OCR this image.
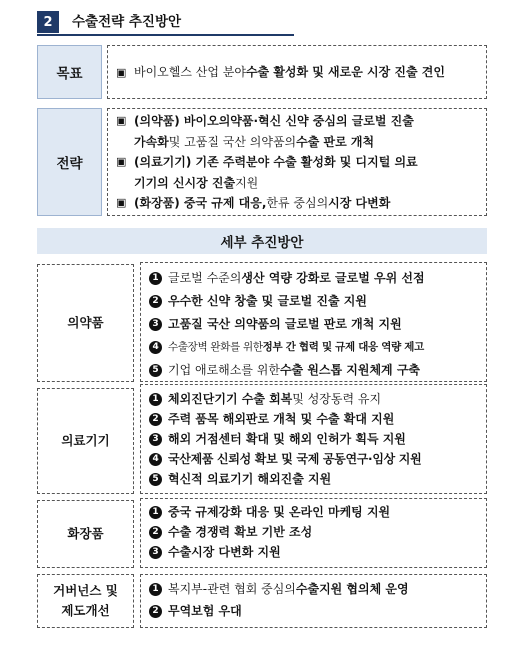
2	수출전략 추진방안
목표	▣ 바이오헬스 산업 분야 수출 활성화 및 새로운 시장 진출 견인
전략
▣ (의약품) 바이오의약품·혁신 신약 중심의 글로벌 진출
가속화 및 고품질 국산 의약품의 수출 판로 개척
▣ (의료기기) 기존 주력분야 수출 활성화 및 디지털 의료
기기의 신시장 진출 지원
▣ (화장품) 중국 규제 대응, 한류 중심의 시장 다변화
세부 추진방안
의약품
1 글로벌 수준의 생산 역량 강화로 글로벌 우위 선점
2 우수한 신약 창출 및 글로벌 진출 지원
3 고품질 국산 의약품의 글로벌 판로 개척 지원
4 수출장벽 완화를 위한 정부 간 협력 및 규제 대응 역량 제고
5 기업 애로해소를 위한 수출 원스톱 지원체계 구축
의료기기
1 체외진단기기 수출 회복 및 성장동력 유지
2 주력 품목 해외판로 개척 및 수출 확대 지원
3 해외 거점센터 확대 및 해외 인허가 획득 지원
4 국산제품 신뢰성 확보 및 국제 공동연구·임상 지원
5 혁신적 의료기기 해외진출 지원
화장품
1 중국 규제강화 대응 및 온라인 마케팅 지원
2 수출 경쟁력 확보 기반 조성
3 수출시장 다변화 지원
거버넌스 및
제도개선
1 복지부-관련 협회 중심의 수출지원 협의체 운영
2 무역보험 우대
